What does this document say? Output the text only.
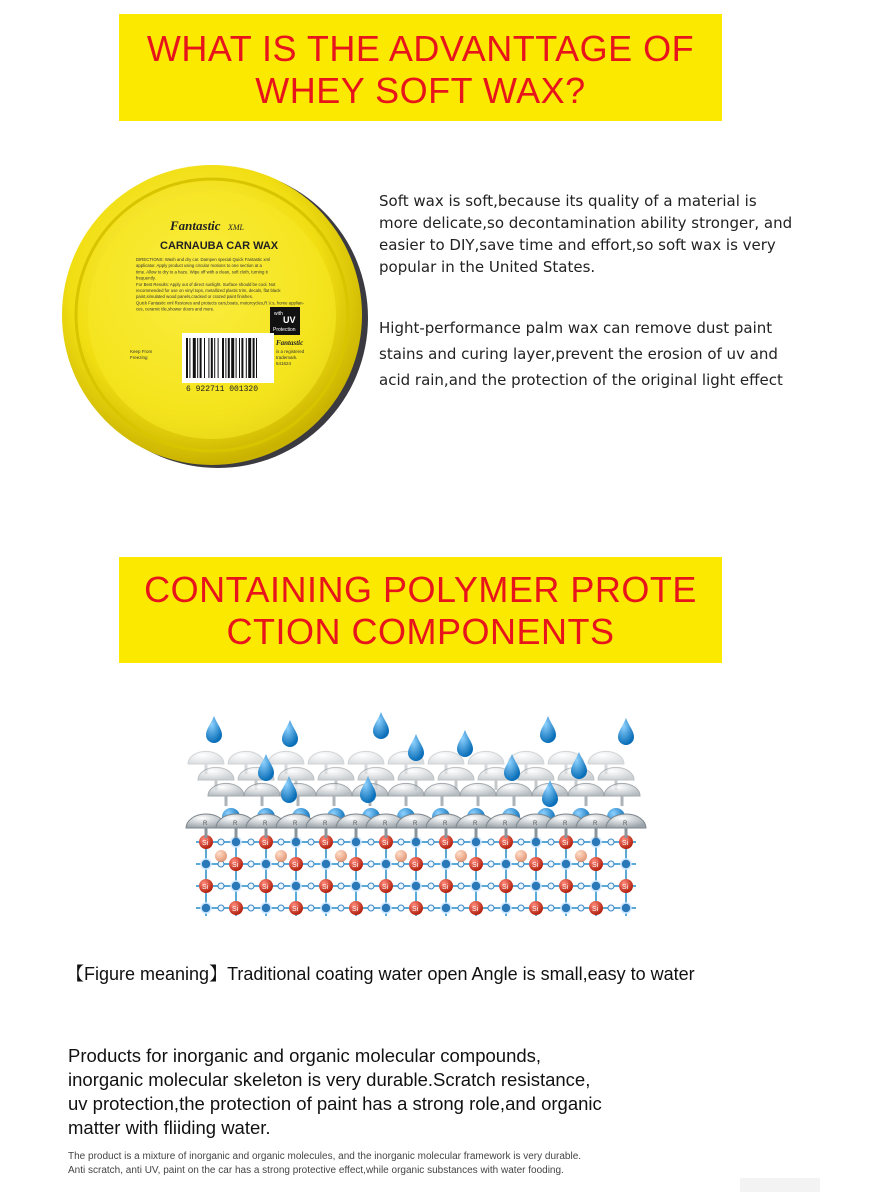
WHAT IS THE ADVANTTAGE OF
WHEY SOFT WAX?
Fantastic XML
CARNAUBA CAR WAX
DIRECTIONS: Wash and dry car. Dampen special Quick Fantastic xml
applicator. Apply product using circular motions to one section at a
time. Allow to dry to a haze. Wipe off with a clean, soft cloth, turning it
frequently.
For Best Results: Apply out of direct sunlight. Surface should be cool. Not
recommended for use on vinyl tops, metallized plastic trim, decals, flat black
paint,simulated wood panels,cracked or crazed paint finishes.
Quick Fantastic xml Restores and protects cars,boats, motorcycles,R.V.s, home applian-
ces, ceramic tile,shower doors and more.
Keep From
Freezing
with
UV
Protection
Fantastic
is a registered
trademark.
641624
6 922711 001320
Soft wax is soft,because its quality of a material is more delicate,so decontamination ability stronger, and easier to DIY,save time and effort,so soft wax is very popular in the United States.
Hight-performance palm wax can remove dust paint stains and curing layer,prevent the erosion of uv and acid rain,and the protection of the original light effect
CONTAINING POLYMER PROTE
CTION COMPONENTS
Si	Si	Si	Si	Si	Si	Si	Si
Si	Si	Si	Si	Si	Si	Si
Si	Si	Si	Si	Si	Si	Si	Si
Si	Si	Si	Si	Si	Si	Si
R	R	R	R	R	R	R	R	R	R	R	R	R	R	R
【Figure meaning】Traditional coating water open Angle is small,easy to water
Products for inorganic and organic molecular compounds,
inorganic molecular skeleton is very durable.Scratch resistance,
uv protection,the protection of paint has a strong role,and organic
matter with fliiding water.
The product is a mixture of inorganic and organic molecules, and the inorganic molecular framework is very durable.
Anti scratch, anti UV, paint on the car has a strong protective effect,while organic substances with water fooding.
